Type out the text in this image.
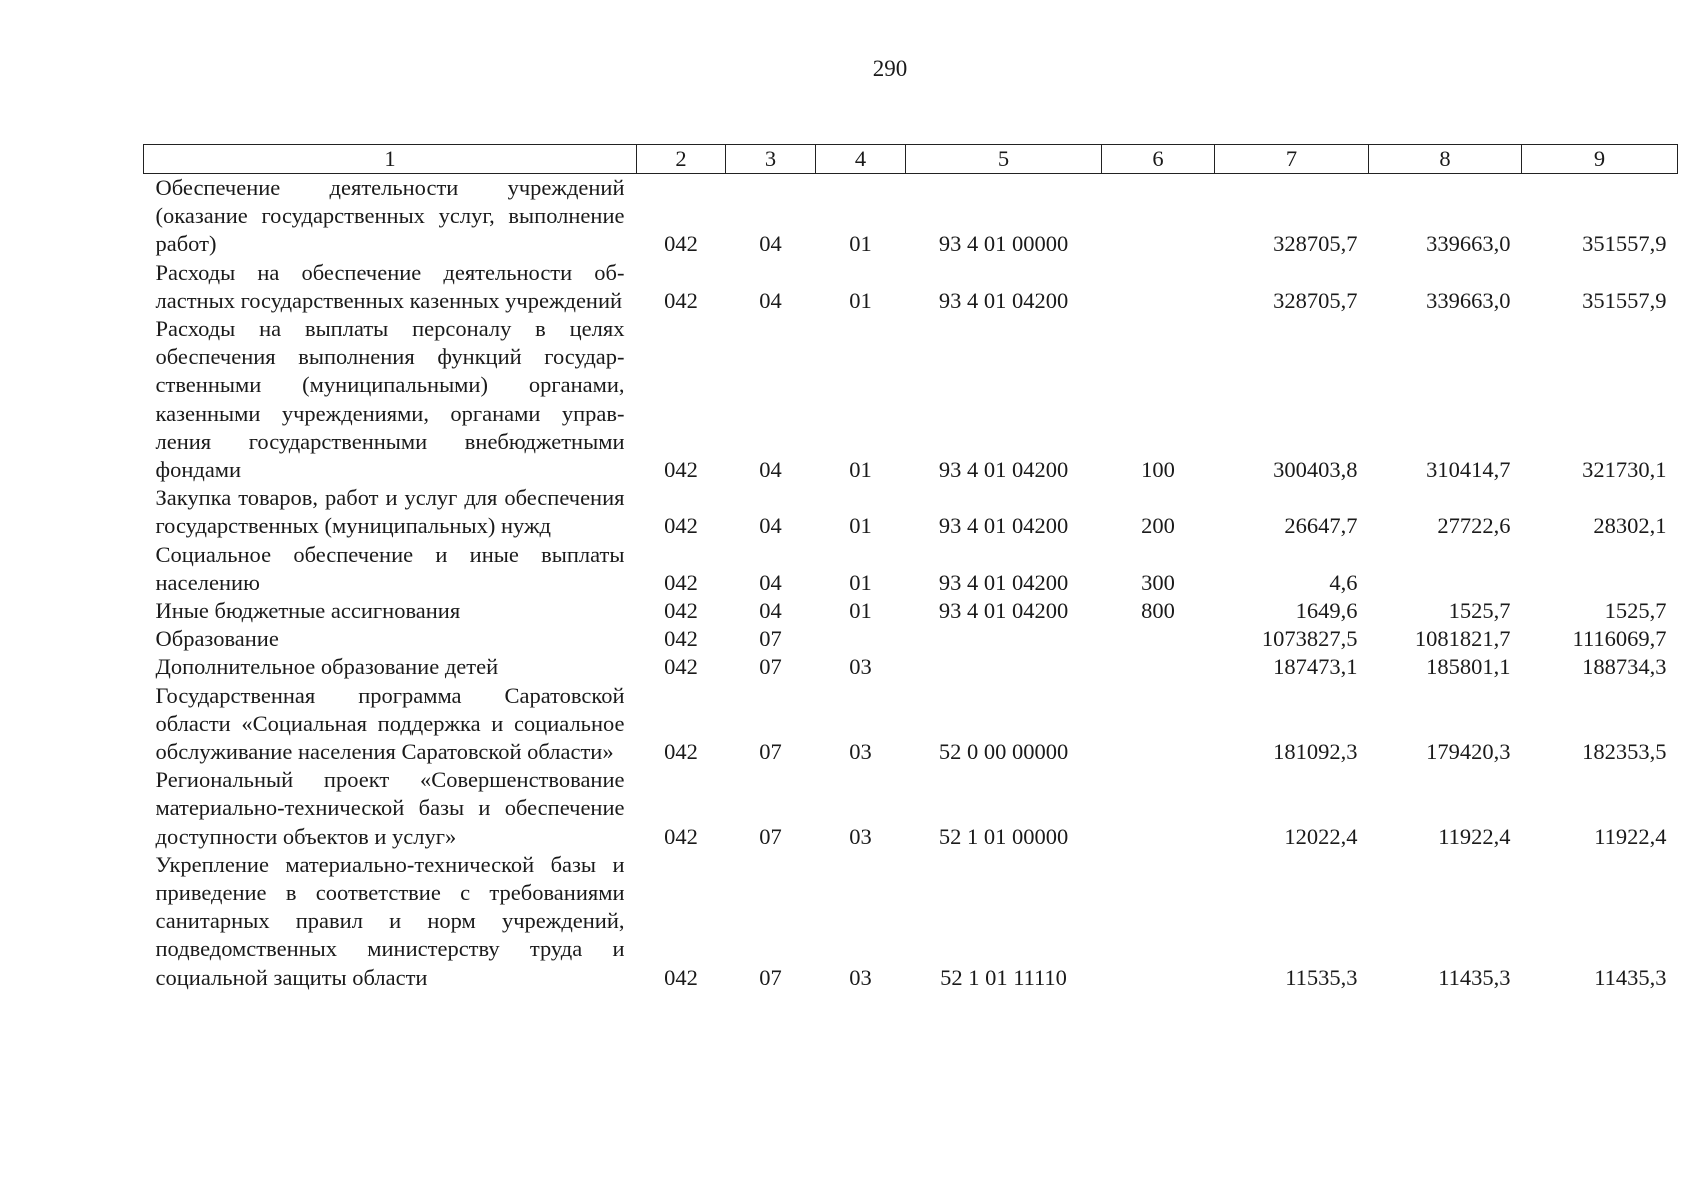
290
1	2	3	4	5	6	7	8	9
Обеспечение деятельности учреждений (оказание государственных услуг, выполнение работ)	042	04	01	93 4 01 00000		328705,7	339663,0	351557,9
Расходы на обеспечение деятельности областных государственных казенных учреждений	042	04	01	93 4 01 04200		328705,7	339663,0	351557,9
Расходы на выплаты персоналу в целях обеспечения выполнения функций государственными (муниципальными) органами, казенными учреждениями, органами управления государственными внебюджетными фондами	042	04	01	93 4 01 04200	100	300403,8	310414,7	321730,1
Закупка товаров, работ и услуг для обеспечения государственных (муниципальных) нужд	042	04	01	93 4 01 04200	200	26647,7	27722,6	28302,1
Социальное обеспечение и иные выплаты населению	042	04	01	93 4 01 04200	300	4,6		
Иные бюджетные ассигнования	042	04	01	93 4 01 04200	800	1649,6	1525,7	1525,7
Образование	042	07				1073827,5	1081821,7	1116069,7
Дополнительное образование детей	042	07	03			187473,1	185801,1	188734,3
Государственная программа Саратовской области «Социальная поддержка и социальное обслуживание населения Саратовской области»	042	07	03	52 0 00 00000		181092,3	179420,3	182353,5
Региональный проект «Совершенствование материально-технической базы и обеспечение доступности объектов и услуг»	042	07	03	52 1 01 00000		12022,4	11922,4	11922,4
Укрепление материально-технической базы и приведение в соответствие с требованиями санитарных правил и норм учреждений, подведомственных министерству труда и социальной защиты области	042	07	03	52 1 01 11110		11535,3	11435,3	11435,3
